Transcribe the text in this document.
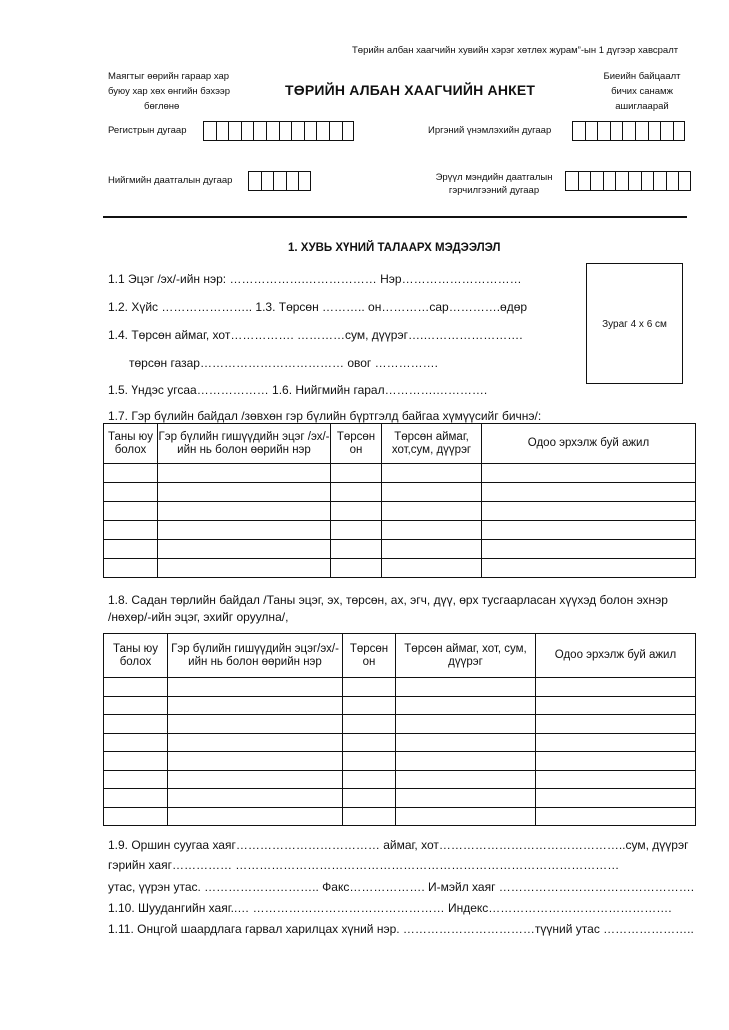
Төрийн албан хаагчийн хувийн хэрэг хөтлөх журам”-ын 1 дүгээр хавсралт
Маягтыг өөрийн гараар хар
буюу хар хөх өнгийн бэхээр
бөглөнө
ТӨРИЙН АЛБАН ХААГЧИЙН АНКЕТ
Биеийн байцаалт
бичих санамж
ашиглаарай
Регистрын дугаар	Иргэний үнэмлэхийн дугаар
Нийгмийн даатгалын дугаар	Эрүүл мэндийн даатгалын
гэрчилгээний дугаар
1. ХУВЬ ХҮНИЙ ТАЛААРХ МЭДЭЭЛЭЛ
Зураг 4 х 6 см
1.1 Эцэг /эх/-ийн нэр: ……………….……………… Нэр…………………………
1.2. Хүйс ………………….. 1.3. Төрсөн ……….. он…………сар………….өдөр
1.4. Төрсөн аймаг, хот……………. …………сум, дүүрэг….…………………….
төрсөн газар……………………………… овог …………….
1.5. Үндэс угсаа……………… 1.6. Нийгмийн гарал………….………….
1.7. Гэр бүлийн байдал /зөвхөн гэр бүлийн бүртгэлд байгаа хүмүүсийг бичнэ/:
Таны юу болох	Гэр бүлийн гишүүдийн эцэг /эх/-ийн нь болон өөрийн нэр	Төрсөн он	Төрсөн аймаг, хот,сум, дүүрэг	Одоо эрхэлж буй ажил

1.8. Садан төрлийн байдал /Таны эцэг, эх, төрсөн, ах, эгч, дүү, өрх тусгаарласан хүүхэд болон эхнэр
/нөхөр/-ийн эцэг, эхийг оруулна/,
Таны юу болох	Гэр бүлийн гишүүдийн эцэг/эх/-ийн нь болон өөрийн нэр	Төрсөн он	Төрсөн аймаг, хот, сум, дүүрэг	Одоо эрхэлж буй ажил

1.9. Оршин суугаа хаяг……………………………… аймаг, хот………………………………………..сум, дүүрэг
гэрийн хаяг…………… ……………………………………………………………………………………
утас, үүрэн утас. ……………………….. Факс………………. И-мэйл хаяг ………………………………………….
1.10. Шуудангийн хаяг..… ………………………………………… Индекс……………………………………….
1.11. Онцгой шаардлага гарвал харилцах хүний нэр. ……………………………түүний утас …………………..
